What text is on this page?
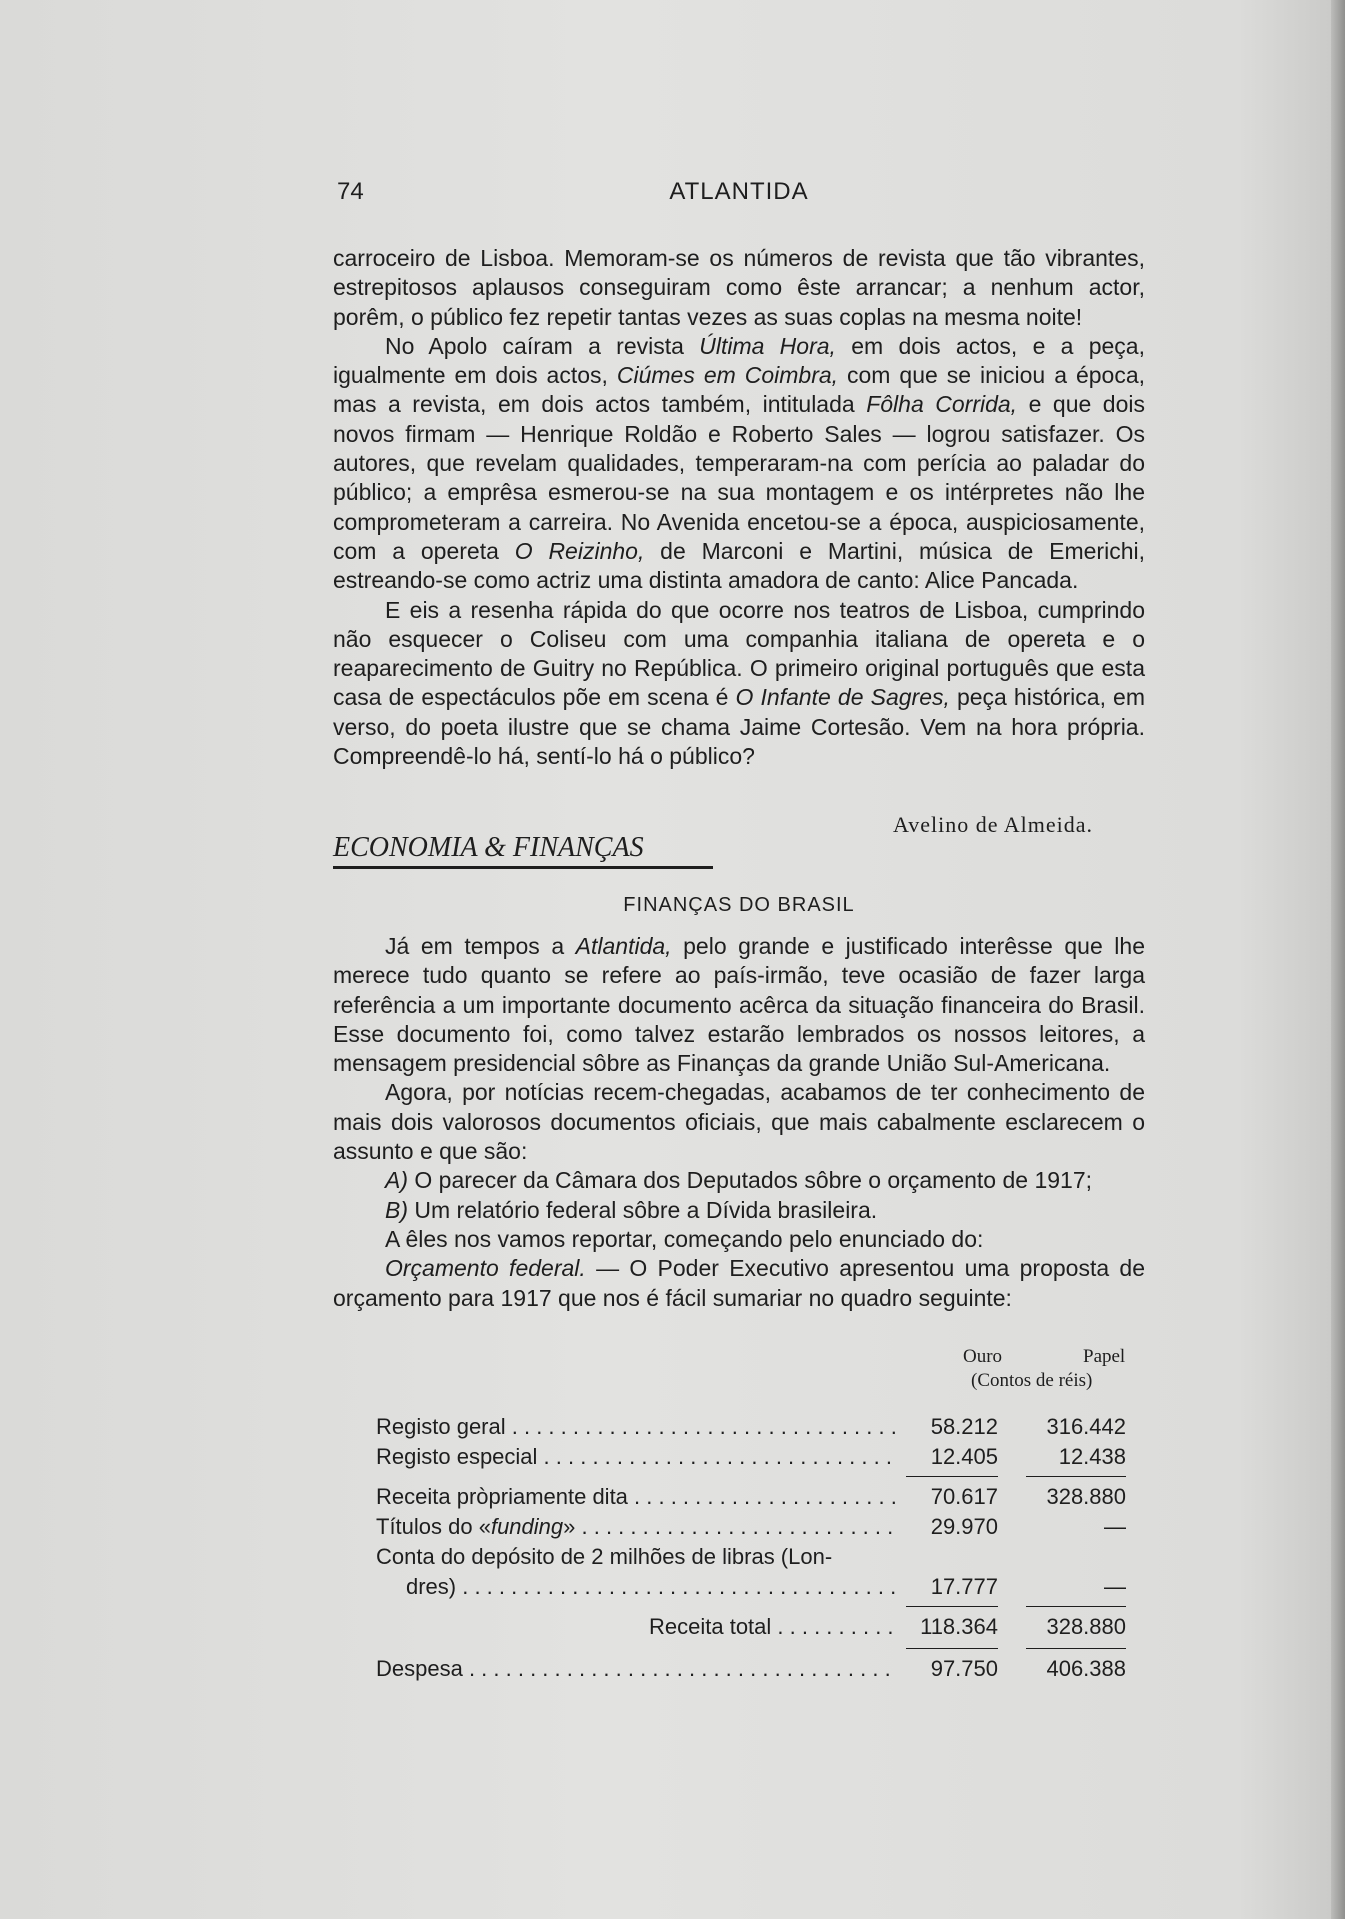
74	ATLANTIDA

carroceiro de Lisboa. Memoram-se os números de revista que tão vibrantes, estrepitosos aplausos conseguiram como êste arrancar; a nenhum actor, porêm, o público fez repetir tantas vezes as suas coplas na mesma noite!

No Apolo caíram a revista Última Hora, em dois actos, e a peça, igualmente em dois actos, Ciúmes em Coimbra, com que se iniciou a época, mas a revista, em dois actos também, intitulada Fôlha Corrida, e que dois novos firmam — Henrique Roldão e Roberto Sales — logrou satisfazer. Os autores, que revelam qualidades, temperaram-na com perícia ao paladar do público; a emprêsa esmerou-se na sua montagem e os intérpretes não lhe comprometeram a carreira. No Avenida encetou-se a época, auspiciosamente, com a opereta O Reizinho, de Marconi e Martini, música de Emerichi, estreando-se como actriz uma distinta amadora de canto: Alice Pancada.

E eis a resenha rápida do que ocorre nos teatros de Lisboa, cumprindo não esquecer o Coliseu com uma companhia italiana de opereta e o reaparecimento de Guitry no República. O primeiro original português que esta casa de espectáculos põe em scena é O Infante de Sagres, peça histórica, em verso, do poeta ilustre que se chama Jaime Cortesão. Vem na hora própria. Compreendê-lo há, sentí-lo há o público?

Avelino de Almeida.
ECONOMIA & FINANÇAS
FINANÇAS DO BRASIL

Já em tempos a Atlantida, pelo grande e justificado interêsse que lhe merece tudo quanto se refere ao país-irmão, teve ocasião de fazer larga referência a um importante documento acêrca da situação financeira do Brasil. Esse documento foi, como talvez estarão lembrados os nossos leitores, a mensagem presidencial sôbre as Finanças da grande União Sul-Americana.

Agora, por notícias recem-chegadas, acabamos de ter conhecimento de mais dois valorosos documentos oficiais, que mais cabalmente esclarecem o assunto e que são:

A) O parecer da Câmara dos Deputados sôbre o orçamento de 1917;

B) Um relatório federal sôbre a Dívida brasileira.

A êles nos vamos reportar, começando pelo enunciado do:

Orçamento federal. — O Poder Executivo apresentou uma proposta de orçamento para 1917 que nos é fácil sumariar no quadro seguinte:

Ouro	Papel
(Contos de réis)
Registo geral . . .	58.212	316.442
Registo especial . . .	12.405	12.438
Receita pròpriamente dita . . .	70.617	328.880
Títulos do «funding» . . .	29.970	—
Conta do depósito de 2 milhões de libras (Lon-
dres) . . .	17.777	—
Receita total . . .	118.364	328.880
Despesa . . .	97.750	406.388
